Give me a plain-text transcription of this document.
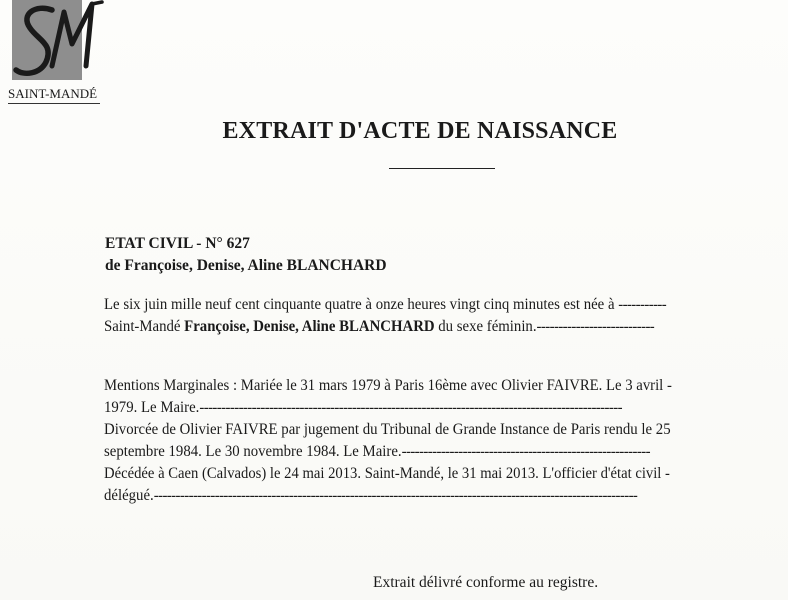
SAINT-MANDÉ
EXTRAIT D'ACTE DE NAISSANCE
ETAT CIVIL - N° 627
de Françoise, Denise, Aline BLANCHARD
Le six juin mille neuf cent cinquante quatre à onze heures vingt cinq minutes est née à -----------
Saint-Mandé Françoise, Denise, Aline BLANCHARD du sexe féminin.---------------------------
Mentions Marginales : Mariée le 31 mars 1979 à Paris 16ème avec Olivier FAIVRE. Le 3 avril -
1979. Le Maire.-------------------------------------------------------------------------------------------------
Divorcée de Olivier FAIVRE par jugement du Tribunal de Grande Instance de Paris rendu le 25
septembre 1984. Le 30 novembre 1984. Le Maire.---------------------------------------------------------
Décédée à Caen (Calvados) le 24 mai 2013. Saint-Mandé, le 31 mai 2013. L'officier d'état civil -
délégué.---------------------------------------------------------------------------------------------------------------
Extrait délivré conforme au registre.
